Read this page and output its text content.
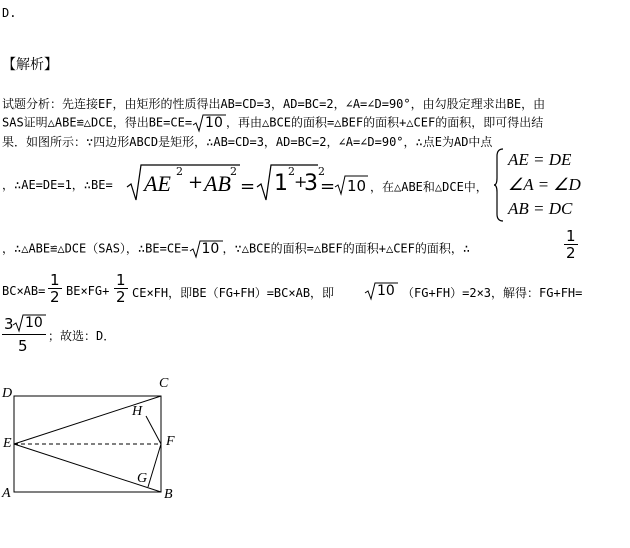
D.
【解析】
试题分析：先连接EF，由矩形的性质得出AB=CD=3，AD=BC=2，∠A=∠D=90°，由勾股定理求出BE，由
SAS证明△ABE≌△DCE，得出BE=CE= 10 ，再由△BCE的面积=△BEF的面积+△CEF的面积，即可得出结
果．如图所示：∵四边形ABCD是矩形，∴AB=CD=3，AD=BC=2，∠A=∠D=90°，∴点E为AD中点
，∴AE=DE=1，∴BE= AE 2
+ AB 2
= 1 2
+
3 2
= 10 ，在△ABE和△DCE中，
AE = DE
∠A = ∠D
AB = DC
，∴△ABE≌△DCE（SAS），∴BE=CE= 10 ，∵△BCE的面积=△BEF的面积+△CEF的面积，∴	$\frac{1}{2}$
$BC\times AB= \frac{1}{2} BE\times FG+ \frac{1}{2} CE\times FH$，即BE（FG+FH）=BC×AB，即	10 （FG+FH）=2×3，解得：FG+FH=
3 10
5
；故选：D．
D
C
H
E	F
G
A	B
